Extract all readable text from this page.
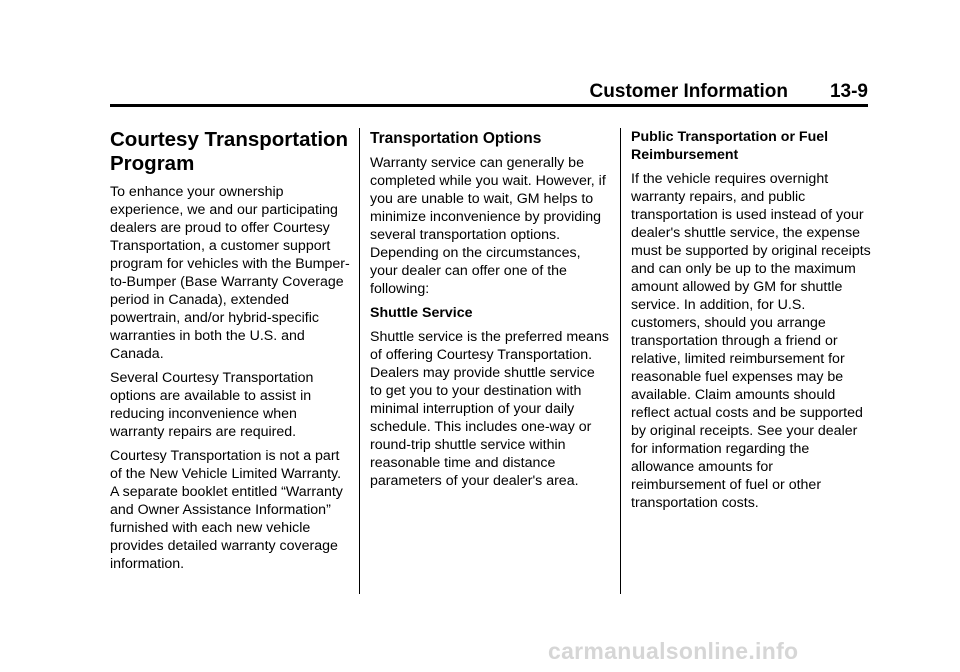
Customer Information 13-9
Courtesy Transportation Program

To enhance your ownership experience, we and our participating dealers are proud to offer Courtesy Transportation, a customer support program for vehicles with the Bumper-to-Bumper (Base Warranty Coverage period in Canada), extended powertrain, and/or hybrid-specific warranties in both the U.S. and Canada.

Several Courtesy Transportation options are available to assist in reducing inconvenience when warranty repairs are required.

Courtesy Transportation is not a part of the New Vehicle Limited Warranty. A separate booklet entitled “Warranty and Owner Assistance Information” furnished with each new vehicle provides detailed warranty coverage information.

Transportation Options

Warranty service can generally be completed while you wait. However, if you are unable to wait, GM helps to minimize inconvenience by providing several transportation options. Depending on the circumstances, your dealer can offer one of the following:

Shuttle Service

Shuttle service is the preferred means of offering Courtesy Transportation. Dealers may provide shuttle service to get you to your destination with minimal interruption of your daily schedule. This includes one-way or round-trip shuttle service within reasonable time and distance parameters of your dealer's area.

Public Transportation or Fuel Reimbursement

If the vehicle requires overnight warranty repairs, and public transportation is used instead of your dealer's shuttle service, the expense must be supported by original receipts and can only be up to the maximum amount allowed by GM for shuttle service. In addition, for U.S. customers, should you arrange transportation through a friend or relative, limited reimbursement for reasonable fuel expenses may be available. Claim amounts should reflect actual costs and be supported by original receipts. See your dealer for information regarding the allowance amounts for reimbursement of fuel or other transportation costs.

carmanualsonline.info
